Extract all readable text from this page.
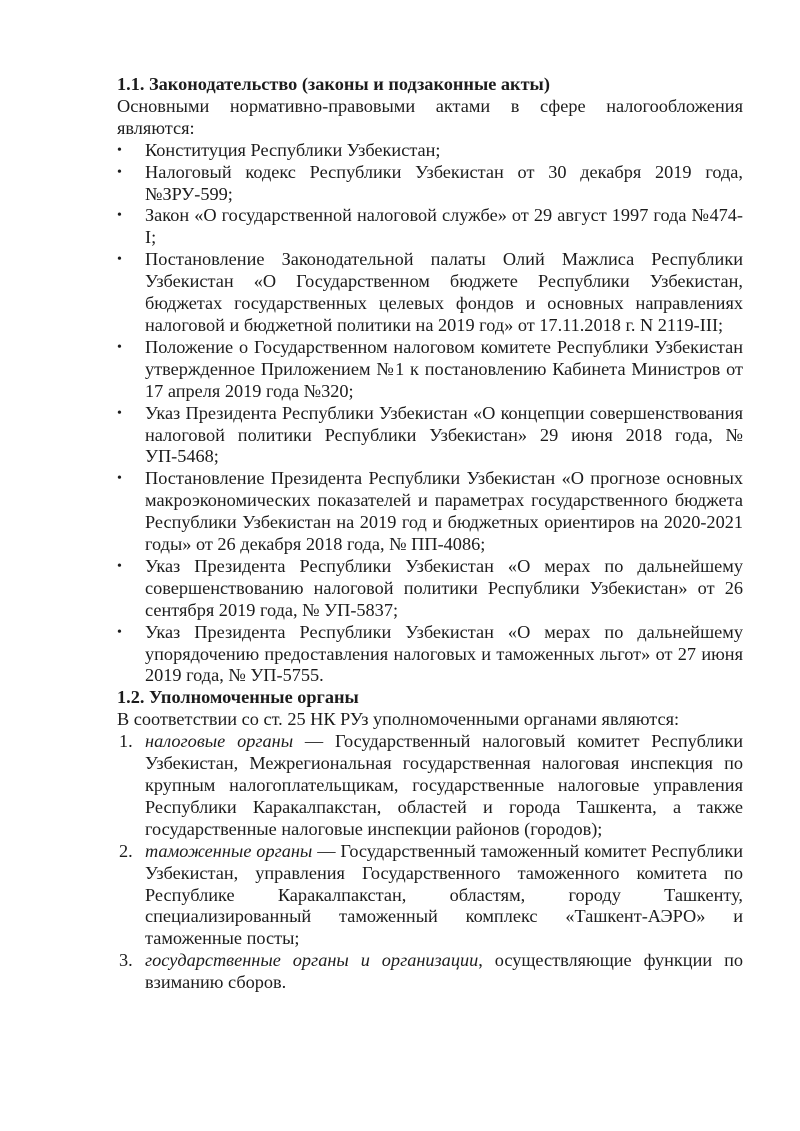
1.1. Законодательство (законы и подзаконные акты)

Основными нормативно-правовыми актами в сфере налогообложения являются:

• Конституция Республики Узбекистан;
• Налоговый кодекс Республики Узбекистан от 30 декабря 2019 года, №ЗРУ-599;
• Закон «О государственной налоговой службе» от 29 август 1997 года №474-I;
• Постановление Законодательной палаты Олий Мажлиса Республики Узбекистан «О Государственном бюджете Республики Узбекистан, бюджетах государственных целевых фондов и основных направлениях налоговой и бюджетной политики на 2019 год» от 17.11.2018 г. N 2119-III;
• Положение о Государственном налоговом комитете Республики Узбекистан утвержденное Приложением №1 к постановлению Кабинета Министров от 17 апреля 2019 года №320;
• Указ Президента Республики Узбекистан «О концепции совершенствования налоговой политики Республики Узбекистан» 29 июня 2018 года, № УП-5468;
• Постановление Президента Республики Узбекистан «О прогнозе основных макроэкономических показателей и параметрах государственного бюджета Республики Узбекистан на 2019 год и бюджетных ориентиров на 2020-2021 годы» от 26 декабря 2018 года, № ПП-4086;
• Указ Президента Республики Узбекистан «О мерах по дальнейшему совершенствованию налоговой политики Республики Узбекистан» от 26 сентября 2019 года, № УП-5837;
• Указ Президента Республики Узбекистан «О мерах по дальнейшему упорядочению предоставления налоговых и таможенных льгот» от 27 июня 2019 года, № УП-5755.

1.2. Уполномоченные органы

В соответствии со ст. 25 НК РУз уполномоченными органами являются:

1. налоговые органы — Государственный налоговый комитет Республики Узбекистан, Межрегиональная государственная налоговая инспекция по крупным налогоплательщикам, государственные налоговые управления Республики Каракалпакстан, областей и города Ташкента, а также государственные налоговые инспекции районов (городов);
2. таможенные органы — Государственный таможенный комитет Республики Узбекистан, управления Государственного таможенного комитета по Республике Каракалпакстан, областям, городу Ташкенту, специализированный таможенный комплекс «Ташкент-АЭРО» и таможенные посты;
3. государственные органы и организации, осуществляющие функции по взиманию сборов.
